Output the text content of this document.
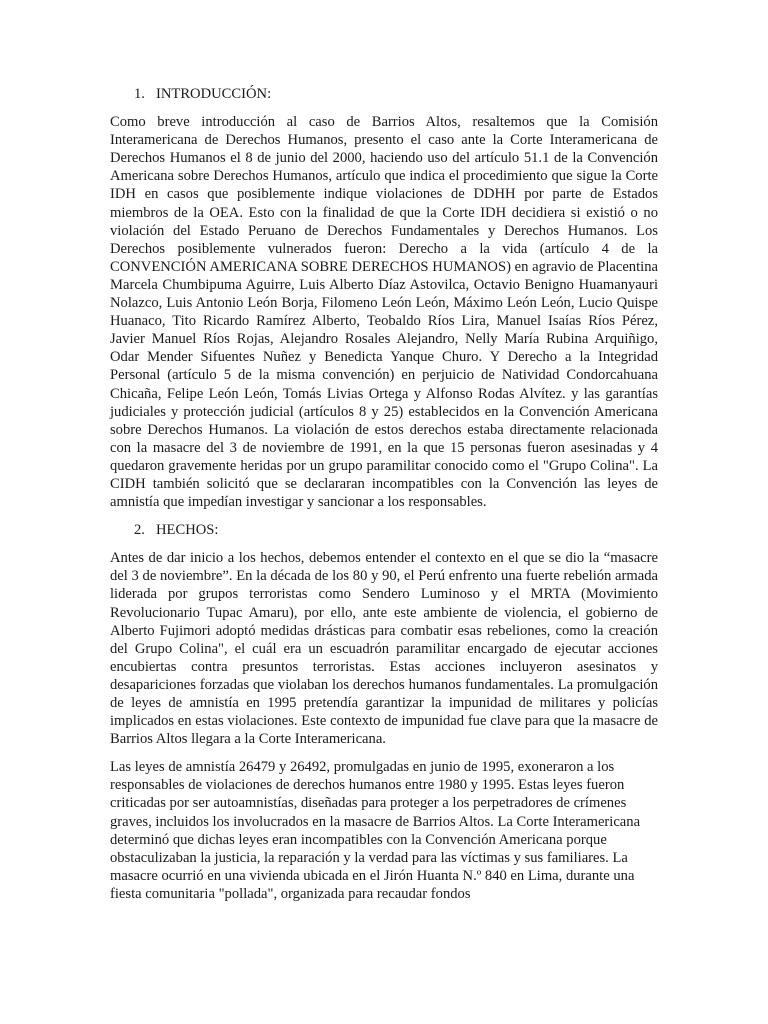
1. INTRODUCCIÓN:

Como breve introducción al caso de Barrios Altos, resaltemos que la Comisión Interamericana de Derechos Humanos, presento el caso ante la Corte Interamericana de Derechos Humanos el 8 de junio del 2000, haciendo uso del artículo 51.1 de la Convención Americana sobre Derechos Humanos, artículo que indica el procedimiento que sigue la Corte IDH en casos que posiblemente indique violaciones de DDHH por parte de Estados miembros de la OEA. Esto con la finalidad de que la Corte IDH decidiera si existió o no violación del Estado Peruano de Derechos Fundamentales y Derechos Humanos. Los Derechos posiblemente vulnerados fueron: Derecho a la vida (artículo 4 de la CONVENCIÓN AMERICANA SOBRE DERECHOS HUMANOS) en agravio de Placentina Marcela Chumbipuma Aguirre, Luis Alberto Díaz Astovilca, Octavio Benigno Huamanyauri Nolazco, Luis Antonio León Borja, Filomeno León León, Máximo León León, Lucio Quispe Huanaco, Tito Ricardo Ramírez Alberto, Teobaldo Ríos Lira, Manuel Isaías Ríos Pérez, Javier Manuel Ríos Rojas, Alejandro Rosales Alejandro, Nelly María Rubina Arquiñigo, Odar Mender Sifuentes Nuñez y Benedicta Yanque Churo. Y Derecho a la Integridad Personal (artículo 5 de la misma convención) en perjuicio de Natividad Condorcahuana Chicaña, Felipe León León, Tomás Livias Ortega y Alfonso Rodas Alvítez. y las garantías judiciales y protección judicial (artículos 8 y 25) establecidos en la Convención Americana sobre Derechos Humanos. La violación de estos derechos estaba directamente relacionada con la masacre del 3 de noviembre de 1991, en la que 15 personas fueron asesinadas y 4 quedaron gravemente heridas por un grupo paramilitar conocido como el "Grupo Colina". La CIDH también solicitó que se declararan incompatibles con la Convención las leyes de amnistía que impedían investigar y sancionar a los responsables.

2. HECHOS:

Antes de dar inicio a los hechos, debemos entender el contexto en el que se dio la “masacre del 3 de noviembre”. En la década de los 80 y 90, el Perú enfrento una fuerte rebelión armada liderada por grupos terroristas como Sendero Luminoso y el MRTA (Movimiento Revolucionario Tupac Amaru), por ello, ante este ambiente de violencia, el gobierno de Alberto Fujimori adoptó medidas drásticas para combatir esas rebeliones, como la creación del Grupo Colina", el cuál era un escuadrón paramilitar encargado de ejecutar acciones encubiertas contra presuntos terroristas. Estas acciones incluyeron asesinatos y desapariciones forzadas que violaban los derechos humanos fundamentales. La promulgación de leyes de amnistía en 1995 pretendía garantizar la impunidad de militares y policías implicados en estas violaciones. Este contexto de impunidad fue clave para que la masacre de Barrios Altos llegara a la Corte Interamericana.

Las leyes de amnistía 26479 y 26492, promulgadas en junio de 1995, exoneraron a los responsables de violaciones de derechos humanos entre 1980 y 1995. Estas leyes fueron criticadas por ser autoamnistías, diseñadas para proteger a los perpetradores de crímenes graves, incluidos los involucrados en la masacre de Barrios Altos. La Corte Interamericana determinó que dichas leyes eran incompatibles con la Convención Americana porque obstaculizaban la justicia, la reparación y la verdad para las víctimas y sus familiares. La masacre ocurrió en una vivienda ubicada en el Jirón Huanta N.º 840 en Lima, durante una fiesta comunitaria "pollada", organizada para recaudar fondos
